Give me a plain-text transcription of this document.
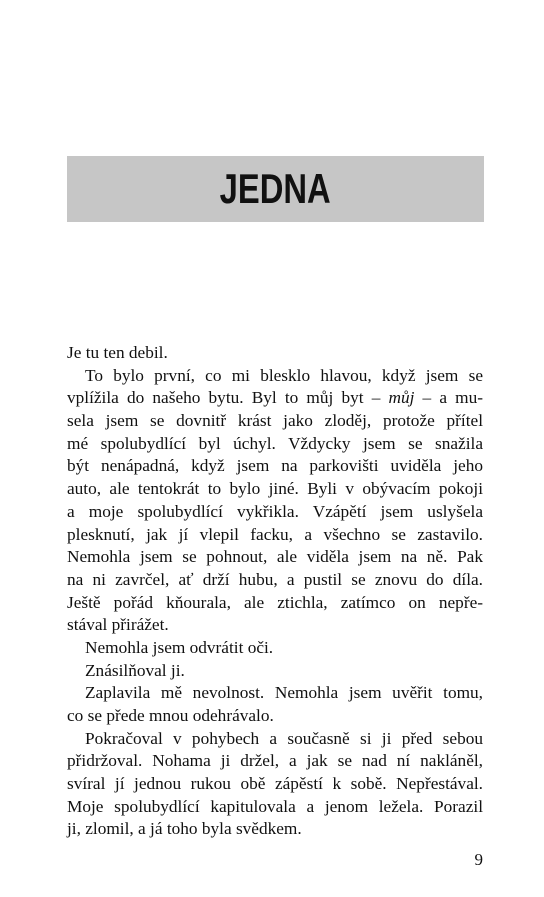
JEDNA
Je tu ten debil.
To bylo první, co mi blesklo hlavou, když jsem se
vplížila do našeho bytu. Byl to můj byt – můj – a mu-
sela jsem se dovnitř krást jako zloděj, protože přítel
mé spolubydlící byl úchyl. Vždycky jsem se snažila
být nenápadná, když jsem na parkovišti uviděla jeho
auto, ale tentokrát to bylo jiné. Byli v obývacím pokoji
a moje spolubydlící vykřikla. Vzápětí jsem uslyšela
plesknutí, jak jí vlepil facku, a všechno se zastavilo.
Nemohla jsem se pohnout, ale viděla jsem na ně. Pak
na ni zavrčel, ať drží hubu, a pustil se znovu do díla.
Ještě pořád kňourala, ale ztichla, zatímco on nepře-
stával přirážet.
Nemohla jsem odvrátit oči.
Znásilňoval ji.
Zaplavila mě nevolnost. Nemohla jsem uvěřit tomu,
co se přede mnou odehrávalo.
Pokračoval v pohybech a současně si ji před sebou
přidržoval. Nohama ji držel, a jak se nad ní nakláněl,
svíral jí jednou rukou obě zápěstí k sobě. Nepřestával.
Moje spolubydlící kapitulovala a jenom ležela. Porazil
ji, zlomil, a já toho byla svědkem.
9
